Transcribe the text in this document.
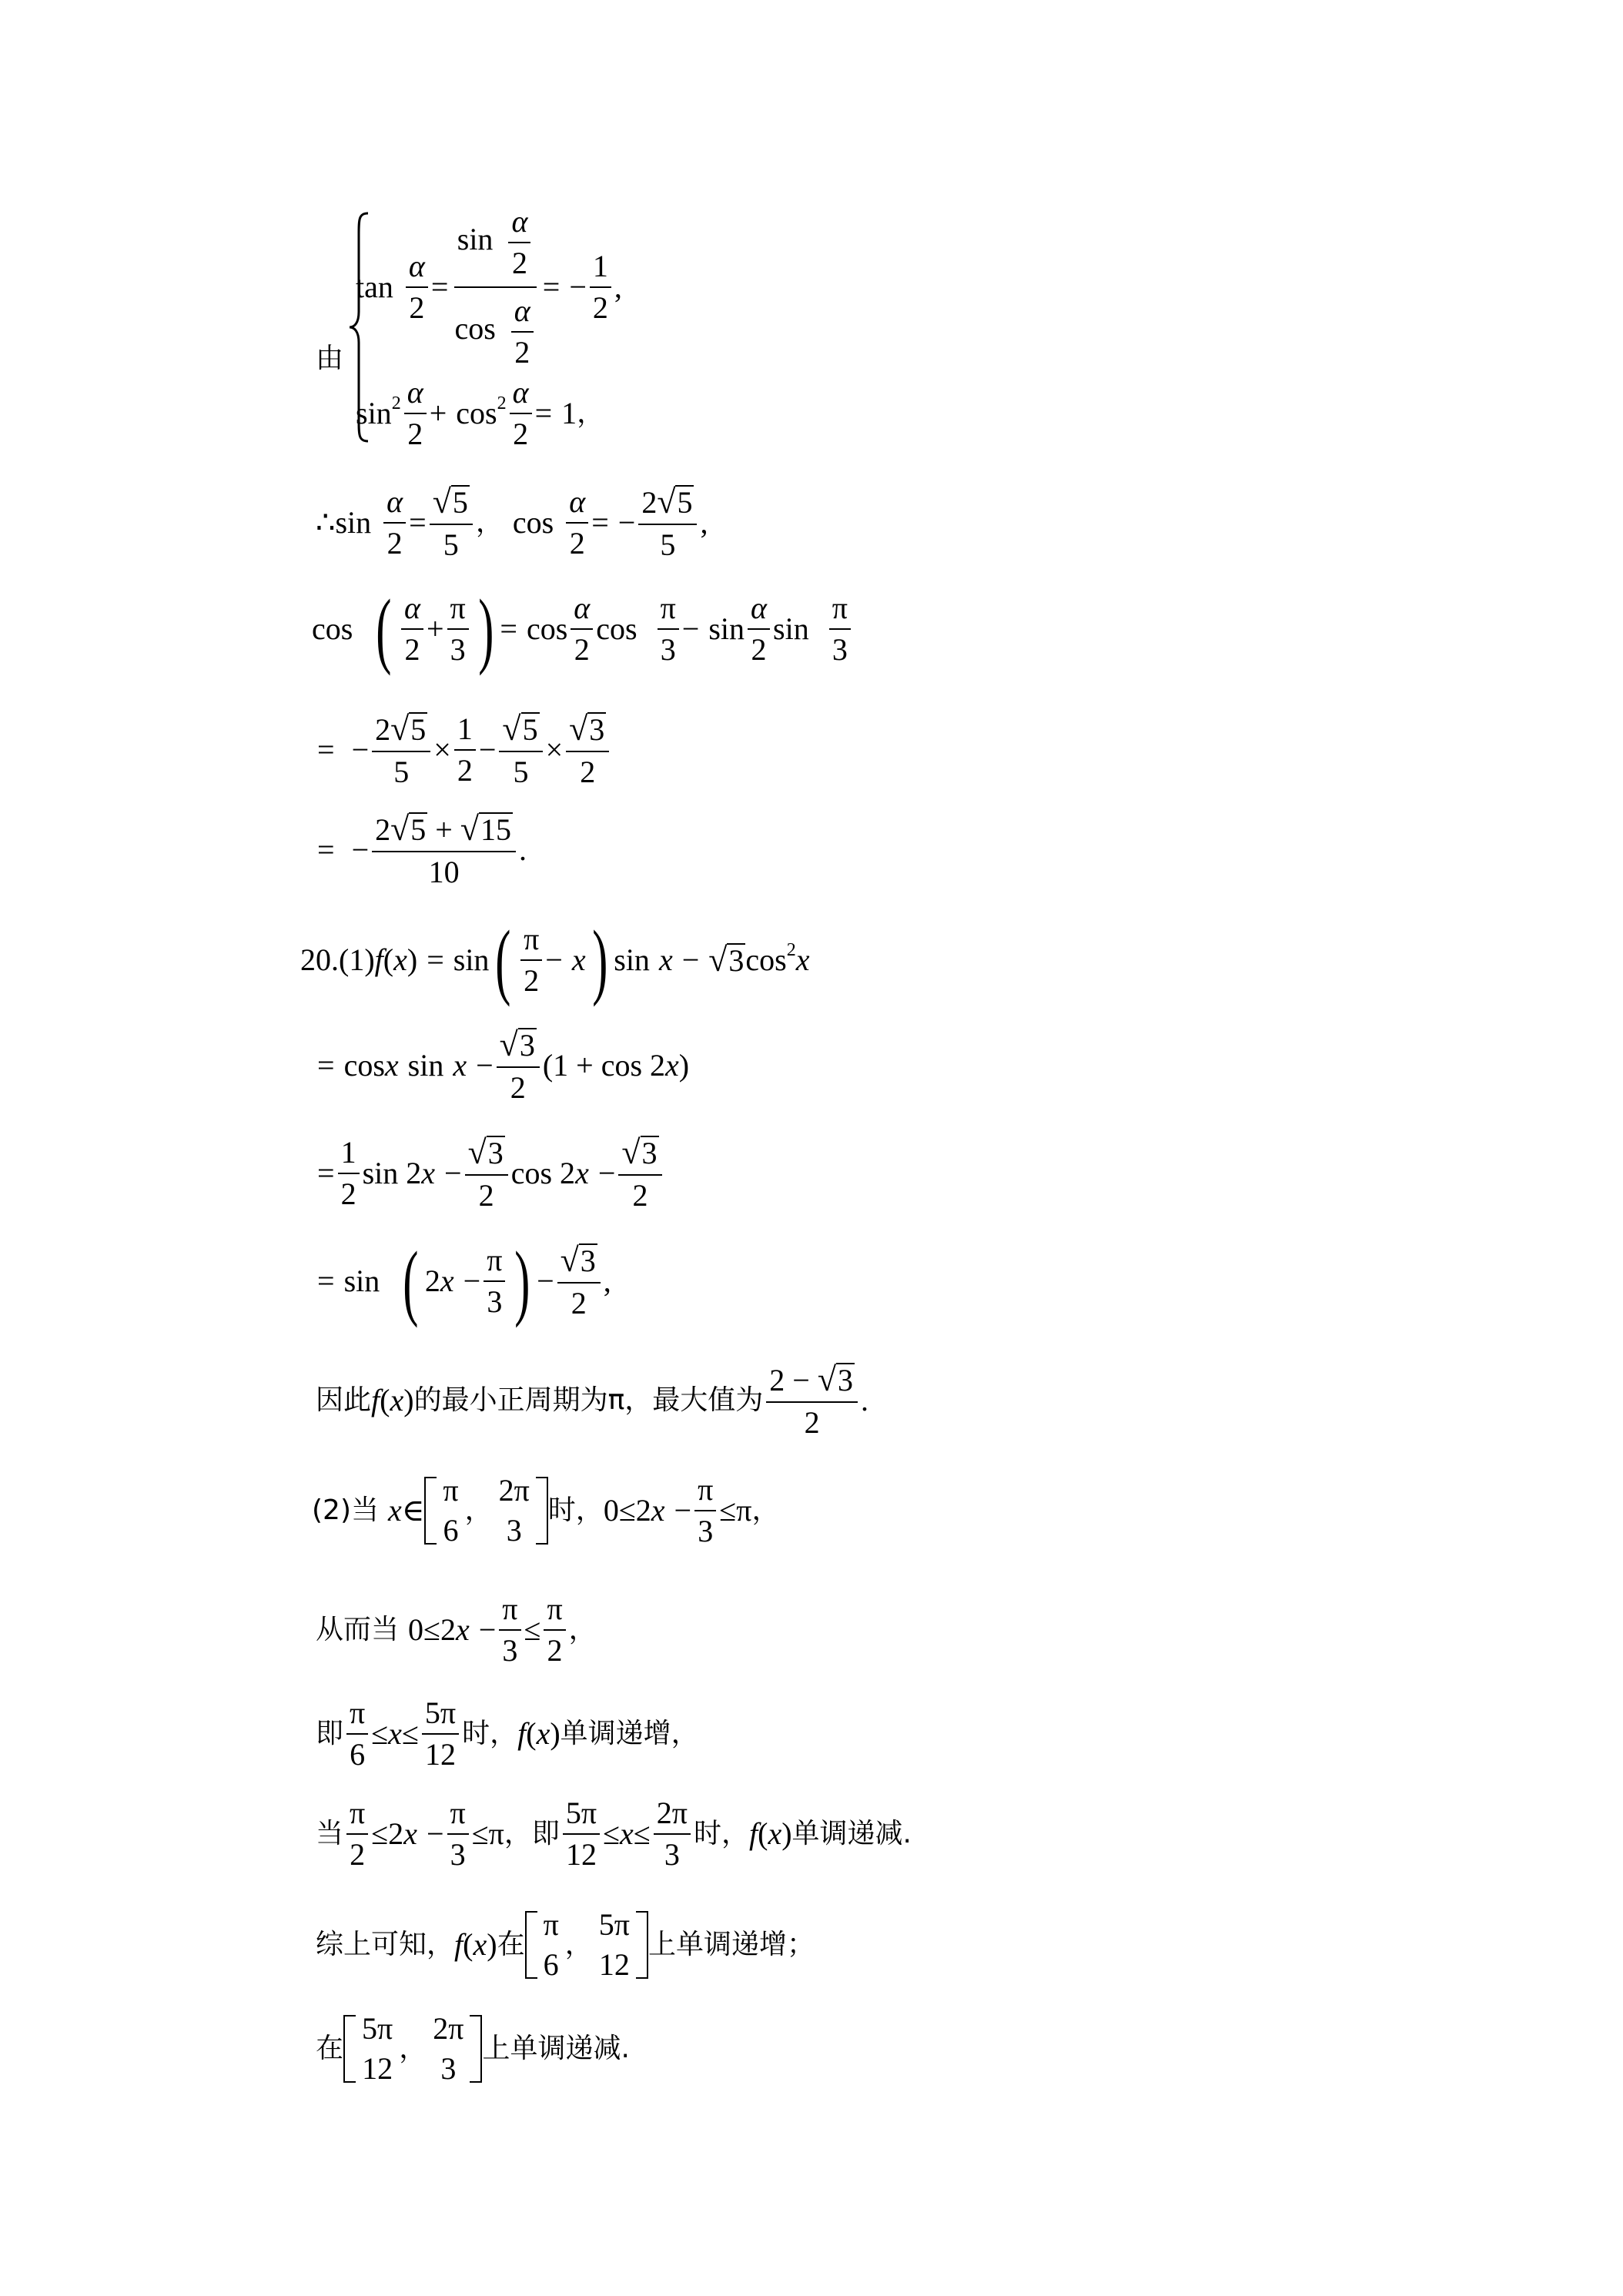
由
$\tan \frac{\alpha}{2} = \frac{\sin \frac{\alpha}{2}}{\cos \frac{\alpha}{2}}$ = − $\frac{1}{2}$ ,
$\sin^2 \frac{\alpha}{2} + \cos^2 \frac{\alpha}{2} = 1$ ，
∴ $\sin \frac{\alpha}{2} = \frac{√ 5}{5}$ ， $\cos \frac{\alpha}{2}$ = − $\frac{2 √ 5}{5}$ ,
cos ( $\frac{\alpha}{2} + \frac{\pi}{3}$ ) = $\cos \frac{\alpha}{2}$ $\cos \frac{\pi}{3} - \sin \frac{\alpha}{2}$ $\sin \frac{\pi}{3}$
= − $\frac{2 √ 5}{5} \times \frac{1}{2} - \frac{√ 5}{5} \times \frac{√ 3}{2}$
= − $\frac{2 √ 5 + √ 15}{10}$ .
20.(1) f ( x ) = sin ( $\frac{\pi}{2} - x$ ) sin x − √ 3 $\cos^2 x$
= cos x $\sin x - \frac{√ 3}{2} (1 + \cos 2$ x )
= $\frac{1}{2}$ sin 2 $x - \frac{√ 3}{2}$ cos 2 $x - \frac{√ 3}{2}$
= sin ( 2 $x - \frac{\pi}{3}$ ) − $\frac{√ 3}{2}$ ,
因此 f ( x ) 的最小正周期为π，最大值为 $\frac{2 - √ 3}{2}$ .
(2)当 x ∈
π
6
，
2π
3
时， 0≤2 $x - \frac{\pi}{3} \le\pi$ ，
从而当 0≤2 $x - \frac{\pi}{3} \le \frac{\pi}{2}$ ，
即 $\frac{\pi}{6} \le x \le \frac{5\pi}{12}$ 时， f ( x ) 单调递增，
当 $\frac{\pi}{2} \le 2$ $x - \frac{\pi}{3} \le\pi$ ， 即 $\frac{5\pi}{12} \le x \le \frac{2\pi}{3}$ 时， f ( x ) 单调递减.
综上可知， f ( x ) 在
π
6
，
5π
12
上单调递增；
在
5π
12
，
2π
3
上单调递减.
